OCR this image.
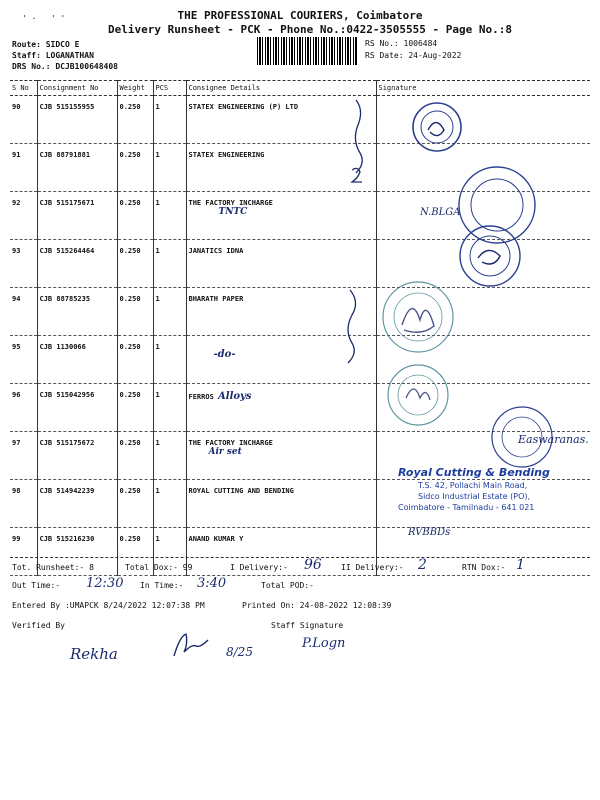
' ·   ' '	THE PROFESSIONAL COURIERS, Coimbatore
Delivery Runsheet - PCK - Phone No.:0422-3505555 - Page No.:8
Route: SIDCO E
Staff: LOGANATHAN
DRS No.: DCJB100648408
RS No.: 1006484
RS Date: 24-Aug-2022
S No	Consignment No	Weight	PCS	Consignee Details	Signature
90	CJB 515155955	0.250	1	STATEX ENGINEERING (P) LTD	
91	CJB 88791881	0.250	1	STATEX ENGINEERING	
92	CJB 515175671	0.250	1	THE FACTORY INCHARGE
TNTC	
93	CJB 515264464	0.250	1	JANATICS IDNA	
94	CJB 88785235	0.250	1	BHARATH PAPER	
95	CJB 1130066	0.250	1	-do-	
96	CJB 515042956	0.250	1	FERROS Alloys	
97	CJB 515175672	0.250	1	THE FACTORY INCHARGE
Air set	
98	CJB 514942239	0.250	1	ROYAL CUTTING AND BENDING	
99	CJB 515216230	0.250	1	ANAND KUMAR Y	
N.BLGA
Easwaranas.
RVBBDs
Royal Cutting & Bending
T.S. 42, Pollachi Main Road,
Sidco Industrial Estate (PO),
Coimbatore - Tamilnadu - 641 021
Tot. Runsheet:- 8	Total Dox:- 99	I Delivery:- 96 II Delivery:- 2	RTN Dox:- 1
Out Time:- 12:30 In Time:- 3:40	Total POD:-
Entered By :UMAPCK 8/24/2022 12:07:38 PM	Printed On: 24-08-2022 12:08:39
Verified By	Staff Signature
Rekha	8/25
P.Logn
